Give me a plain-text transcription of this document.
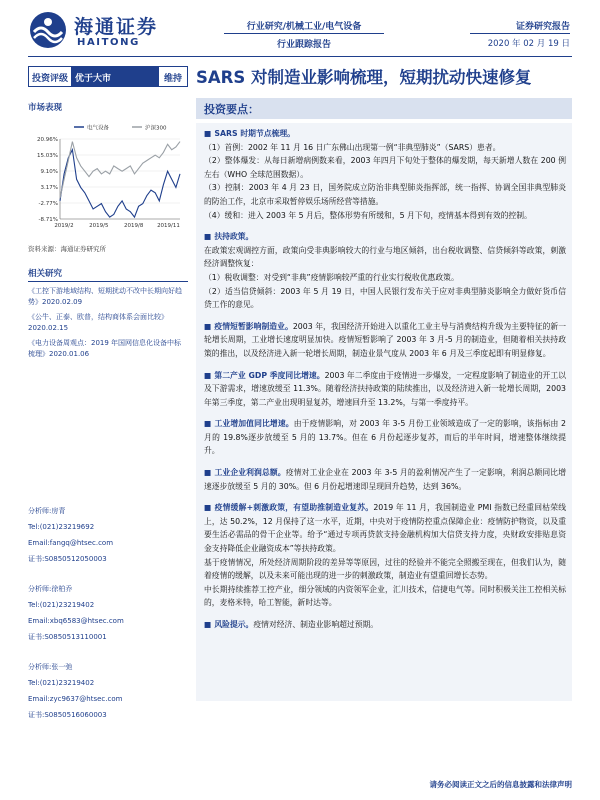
海通证券
HAITONG
行业研究/机械工业/电气设备
行业跟踪报告
证券研究报告
2020 年 02 月 19 日
投资评级 优于大市	维持
市场表现
电气设备	沪深300
20.96%
15.03%
9.10%
3.17%
-2.77%
-8.71%
2019/2	2019/5	2019/8 2019/11
资料来源：海通证券研究所
相关研究
《工控下游地域结构、短期扰动不改中长期向好趋势》2020.02.09
《公牛、正泰、欧普，结构商体系会面比较》2020.02.15
《电力设备周观点：2019 年国网信息化设备中标梳理》2020.01.06
分析师:房青
Tel:(021)23219692
Email:fangq@htsec.com
证书:S0850512050003
分析师:徐柏乔
Tel:(021)23219402
Email:xbq6583@htsec.com
证书:S0850513110001
分析师:张一弛
Tel:(021)23219402
Email:zyc9637@htsec.com
证书:S0850516060003
SARS 对制造业影响梳理，短期扰动快速修复
投资要点：
■ SARS 时期节点梳理。
（1）首例：2002 年 11 月 16 日广东佛山出现第一例“非典型肺炎”（SARS）患者。
（2）整体爆发：从每日新增病例数来看，2003 年四月下旬处于整体的爆发期，每天新增人数在 200 例左右（WHO 全球范围数据）。
（3）控制：2003 年 4 月 23 日，国务院成立防治非典型肺炎指挥部，统一指挥、协调全国非典型肺炎的防治工作，北京市采取暂停娱乐场所经营等措施。
（4）缓和：进入 2003 年 5 月后，整体形势有所缓和，5 月下旬，疫情基本得到有效的控制。
■ 扶持政策。
在政策宏观调控方面，政策向受非典影响较大的行业与地区倾斜，出台税收调整、信贷倾斜等政策，刺激经济调整恢复：
（1）税收调整：对受到“非典”疫情影响较严重的行业实行税收优惠政策。
（2）适当信贷倾斜：2003 年 5 月 19 日，中国人民银行发布关于应对非典型肺炎影响全力做好货币信贷工作的意见。
■ 疫情短暂影响制造业。2003 年，我国经济开始进入以重化工业主导与消费结构升级为主要特征的新一轮增长周期，工业增长速度明显加快。疫情短暂影响了 2003 年 3 月-5 月的制造业，但随着相关扶持政策的推出，以及经济进入新一轮增长周期，制造业景气度从 2003 年 6 月及三季度起即有明显修复。
■ 第二产业 GDP 季度同比增速。2003 年二季度由于疫情进一步爆发，一定程度影响了制造业的开工以及下游需求，增速放缓至 11.3%。随着经济扶持政策的陆续推出，以及经济进入新一轮增长周期，2003 年第三季度，第二产业出现明显复苏，增速回升至 13.2%，与第一季度持平。
■ 工业增加值同比增速。由于疫情影响，对 2003 年 3-5 月份工业领域造成了一定的影响，该指标由 2 月的 19.8%逐步放缓至 5 月的 13.7%。但在 6 月份起逐步复苏，而后的半年时间，增速整体继续提升。
■ 工业企业利润总额。疫情对工业企业在 2003 年 3-5 月的盈利情况产生了一定影响，利润总额同比增速逐步放缓至 5 月的 30%。但 6 月份起增速即呈现回升趋势，达到 36%。
■ 疫情缓解+刺激政策，有望助推制造业复苏。2019 年 11 月，我国制造业 PMI 指数已经重回枯荣线上，达 50.2%，12 月保持了这一水平，近期，中央对于疫情防控重点保障企业：疫情防护物资，以及重要生活必需品的骨干企业等。给予“通过专项再贷款支持金融机构加大信贷支持力度，央财政安排贴息资金支持降低企业融资成本”等扶持政策。
基于疫情情况，所处经济周期阶段的差异等等原因，过往的经验并不能完全照搬至现在，但我们认为，随着疫情的缓解，以及未来可能出现的进一步的刺激政策，制造业有望重回增长态势。
中长期持续推荐工控产业，细分领域的内资领军企业，汇川技术，信捷电气等。同时积极关注工控相关标的，麦格米特，哈工智能，新时达等。
■ 风险提示。疫情对经济、制造业影响超过预期。
请务必阅读正文之后的信息披露和法律声明
